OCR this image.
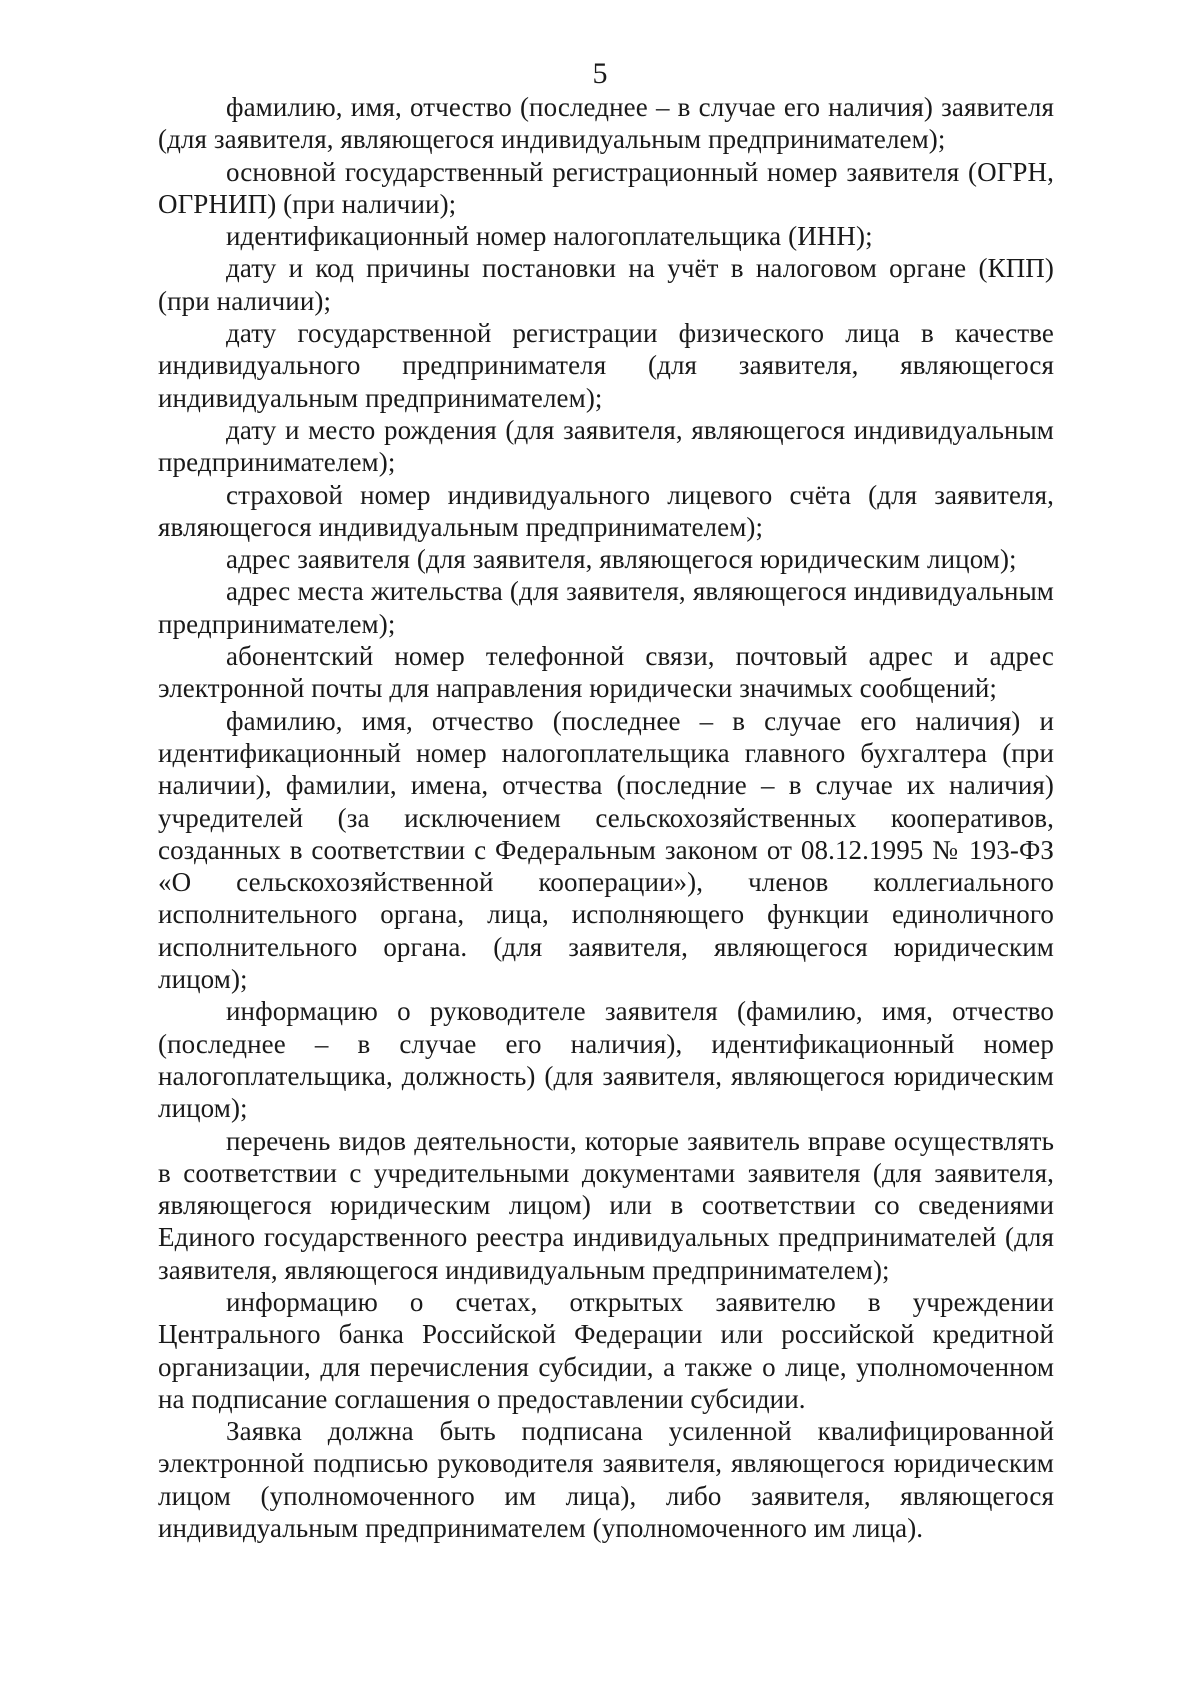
5

фамилию, имя, отчество (последнее – в случае его наличия) заявителя (для заявителя, являющегося индивидуальным предпринимателем);

основной государственный регистрационный номер заявителя (ОГРН, ОГРНИП) (при наличии);

идентификационный номер налогоплательщика (ИНН);

дату и код причины постановки на учёт в налоговом органе (КПП) (при наличии);

дату государственной регистрации физического лица в качестве индивидуального предпринимателя (для заявителя, являющегося индивидуальным предпринимателем);

дату и место рождения (для заявителя, являющегося индивидуальным предпринимателем);

страховой номер индивидуального лицевого счёта (для заявителя, являющегося индивидуальным предпринимателем);

адрес заявителя (для заявителя, являющегося юридическим лицом);

адрес места жительства (для заявителя, являющегося индивидуальным предпринимателем);

абонентский номер телефонной связи, почтовый адрес и адрес электронной почты для направления юридически значимых сообщений;

фамилию, имя, отчество (последнее – в случае его наличия) и идентификационный номер налогоплательщика главного бухгалтера (при наличии), фамилии, имена, отчества (последние – в случае их наличия) учредителей (за исключением сельскохозяйственных кооперативов, созданных в соответствии с Федеральным законом от 08.12.1995 № 193-ФЗ «О сельскохозяйственной кооперации»), членов коллегиального исполнительного органа, лица, исполняющего функции единоличного исполнительного органа. (для заявителя, являющегося юридическим лицом);

информацию о руководителе заявителя (фамилию, имя, отчество (последнее – в случае его наличия), идентификационный номер налогоплательщика, должность) (для заявителя, являющегося юридическим лицом);

перечень видов деятельности, которые заявитель вправе осуществлять в соответствии с учредительными документами заявителя (для заявителя, являющегося юридическим лицом) или в соответствии со сведениями Единого государственного реестра индивидуальных предпринимателей (для заявителя, являющегося индивидуальным предпринимателем);

информацию о счетах, открытых заявителю в учреждении Центрального банка Российской Федерации или российской кредитной организации, для перечисления субсидии, а также о лице, уполномоченном на подписание соглашения о предоставлении субсидии.

Заявка должна быть подписана усиленной квалифицированной электронной подписью руководителя заявителя, являющегося юридическим лицом (уполномоченного им лица), либо заявителя, являющегося индивидуальным предпринимателем (уполномоченного им лица).
